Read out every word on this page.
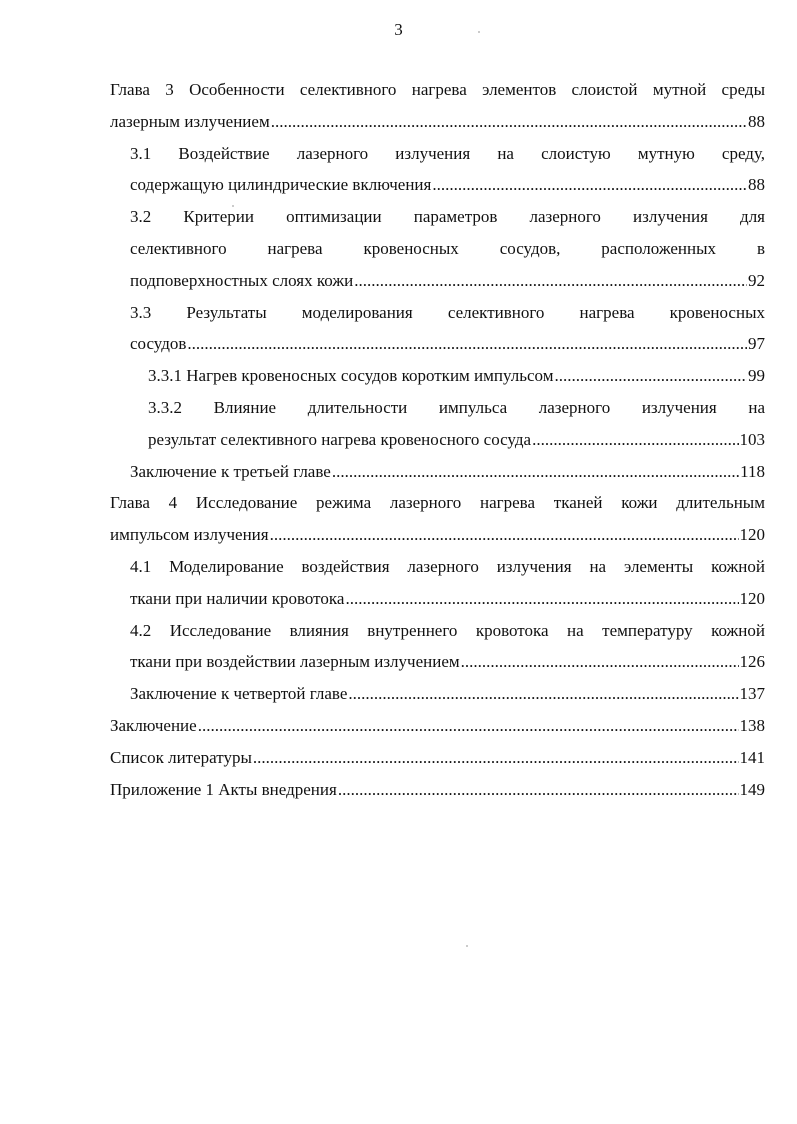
3
Глава 3 Особенности селективного нагрева элементов слоистой мутной среды
лазерным излучением .....	88
3.1 Воздействие лазерного излучения на слоистую мутную среду,
содержащую цилиндрические включения .....	88
3.2 Критерии оптимизации параметров лазерного излучения для
селективного нагрева кровеносных сосудов, расположенных в
подповерхностных слоях кожи .....	92
3.3 Результаты моделирования селективного нагрева кровеносных
сосудов .....	97
3.3.1 Нагрев кровеносных сосудов коротким импульсом .....	99
3.3.2 Влияние длительности импульса лазерного излучения на
результат селективного нагрева кровеносного сосуда .....	103
Заключение к третьей главе .....	118
Глава 4 Исследование режима лазерного нагрева тканей кожи длительным
импульсом излучения .....	120
4.1 Моделирование воздействия лазерного излучения на элементы кожной
ткани при наличии кровотока .....	120
4.2 Исследование влияния внутреннего кровотока на температуру кожной
ткани при воздействии лазерным излучением .....	126
Заключение к четвертой главе .....	137
Заключение .....	138
Список литературы .....	141
Приложение 1 Акты внедрения .....	149
